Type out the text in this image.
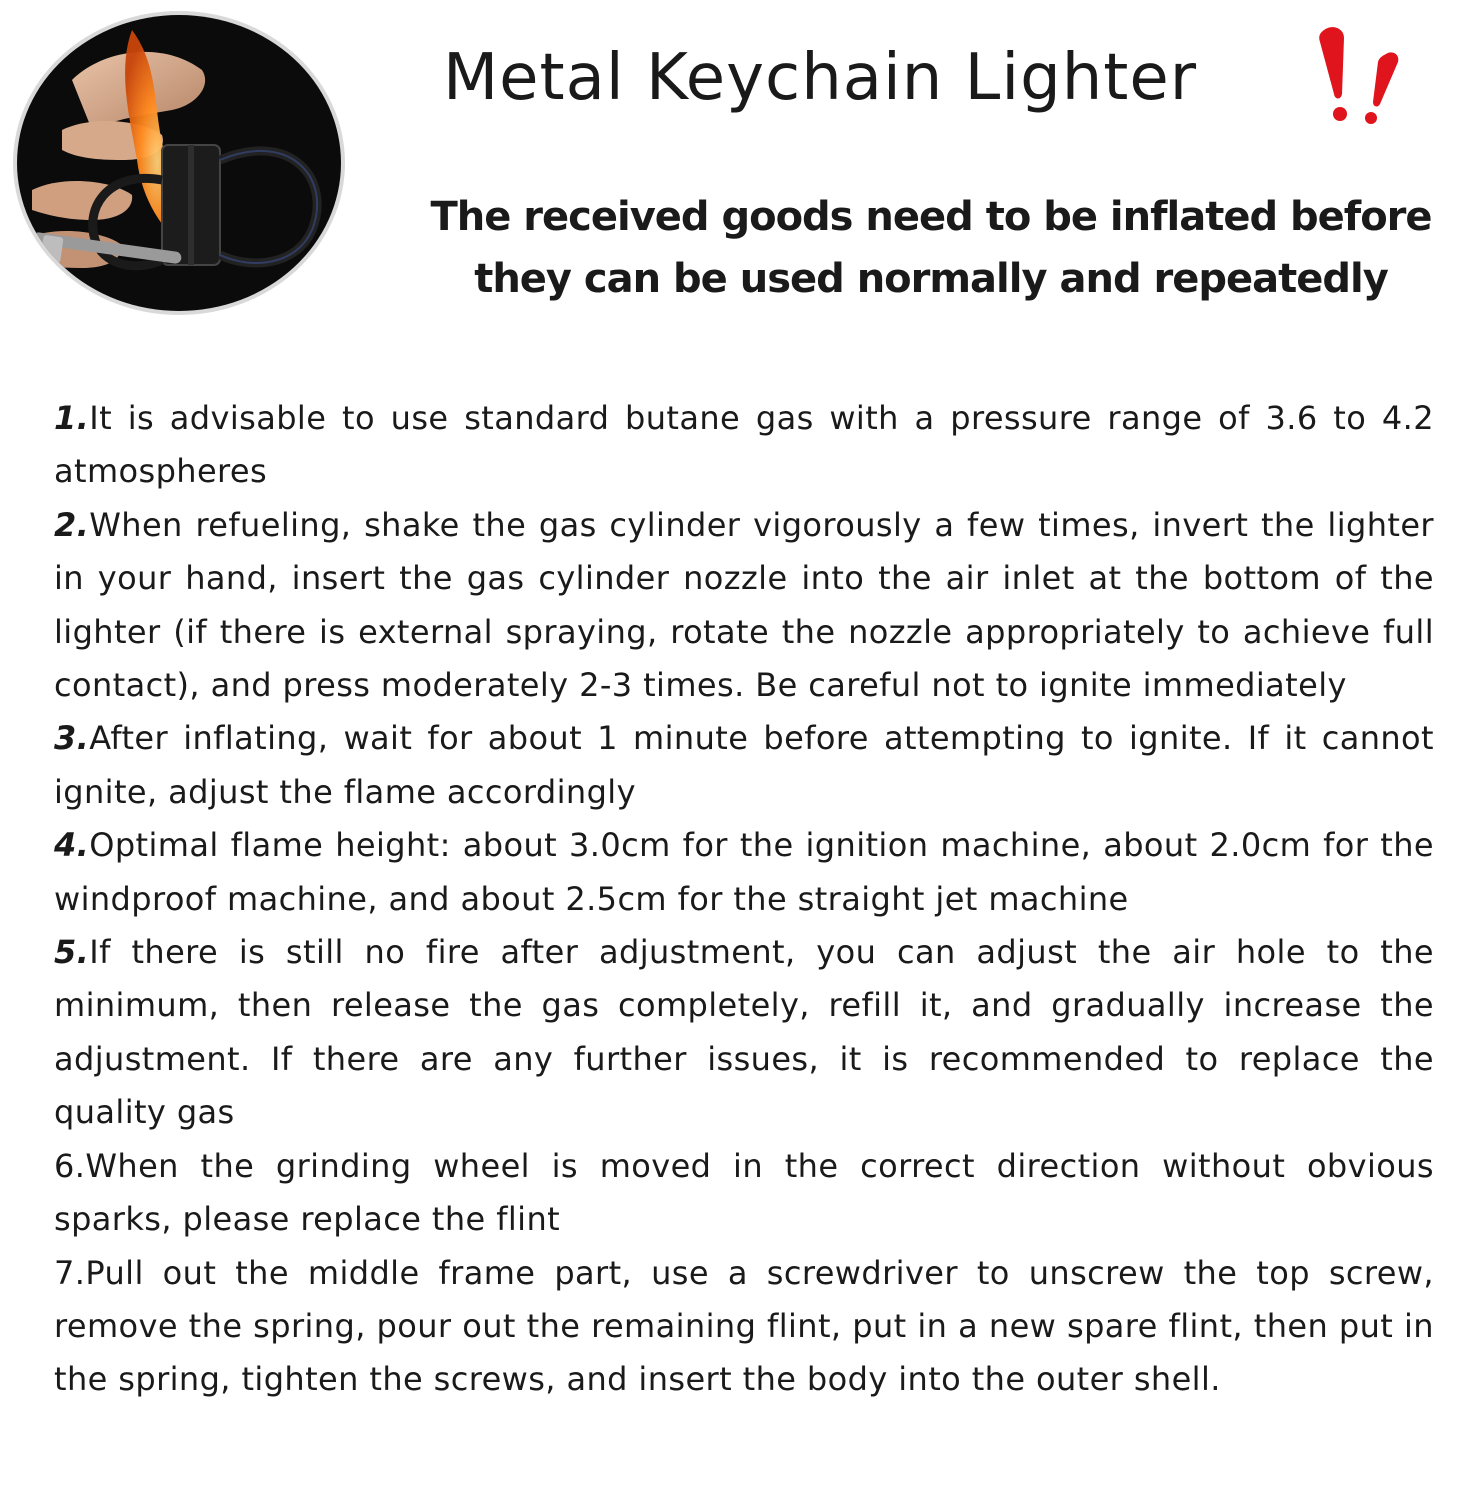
Metal Keychain Lighter

The received goods need to be inflated before they can be used normally and repeatedly

1.It is advisable to use standard butane gas with a pressure range of 3.6 to 4.2 atmospheres
2.When refueling, shake the gas cylinder vigorously a few times, invert the lighter in your hand, insert the gas cylinder nozzle into the air inlet at the bottom of the lighter (if there is external spraying, rotate the nozzle appropriately to achieve full contact), and press moderately 2-3 times. Be careful not to ignite immediately
3.After inflating, wait for about 1 minute before attempting to ignite. If it cannot ignite, adjust the flame accordingly
4.Optimal flame height: about 3.0cm for the ignition machine, about 2.0cm for the windproof machine, and about 2.5cm for the straight jet machine
5.If there is still no fire after adjustment, you can adjust the air hole to the minimum, then release the gas completely, refill it, and gradually increase the adjustment. If there are any further issues, it is recommended to replace the quality gas
6.When the grinding wheel is moved in the correct direction without obvious sparks, please replace the flint
7.Pull out the middle frame part, use a screwdriver to unscrew the top screw, remove the spring, pour out the remaining flint, put in a new spare flint, then put in the spring, tighten the screws, and insert the body into the outer shell.
